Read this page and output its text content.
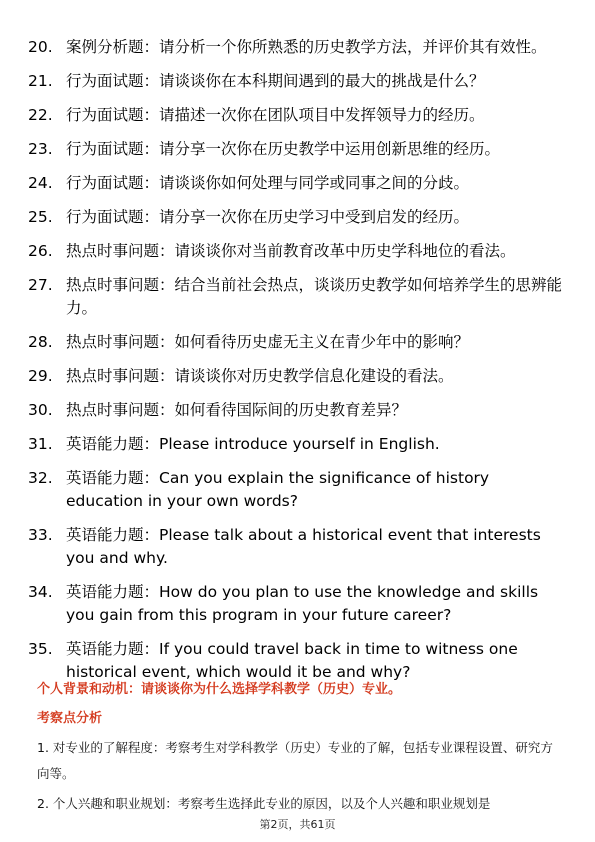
20. 案例分析题：请分析一个你所熟悉的历史教学方法，并评价其有效性。
21. 行为面试题：请谈谈你在本科期间遇到的最大的挑战是什么？
22. 行为面试题：请描述一次你在团队项目中发挥领导力的经历。
23. 行为面试题：请分享一次你在历史教学中运用创新思维的经历。
24. 行为面试题：请谈谈你如何处理与同学或同事之间的分歧。
25. 行为面试题：请分享一次你在历史学习中受到启发的经历。
26. 热点时事问题：请谈谈你对当前教育改革中历史学科地位的看法。
27. 热点时事问题：结合当前社会热点，谈谈历史教学如何培养学生的思辨能力。
28. 热点时事问题：如何看待历史虚无主义在青少年中的影响？
29. 热点时事问题：请谈谈你对历史教学信息化建设的看法。
30. 热点时事问题：如何看待国际间的历史教育差异？
31. 英语能力题：Please introduce yourself in English.
32. 英语能力题：Can you explain the significance of history education in your own words?
33. 英语能力题：Please talk about a historical event that interests you and why.
34. 英语能力题：How do you plan to use the knowledge and skills you gain from this program in your future career?
35. 英语能力题：If you could travel back in time to witness one historical event, which would it be and why?
个人背景和动机：请谈谈你为什么选择学科教学（历史）专业。
考察点分析
1. 对专业的了解程度：考察考生对学科教学（历史）专业的了解，包括专业课程设置、研究方向等。
2. 个人兴趣和职业规划：考察考生选择此专业的原因，以及个人兴趣和职业规划是
第2页，共61页
